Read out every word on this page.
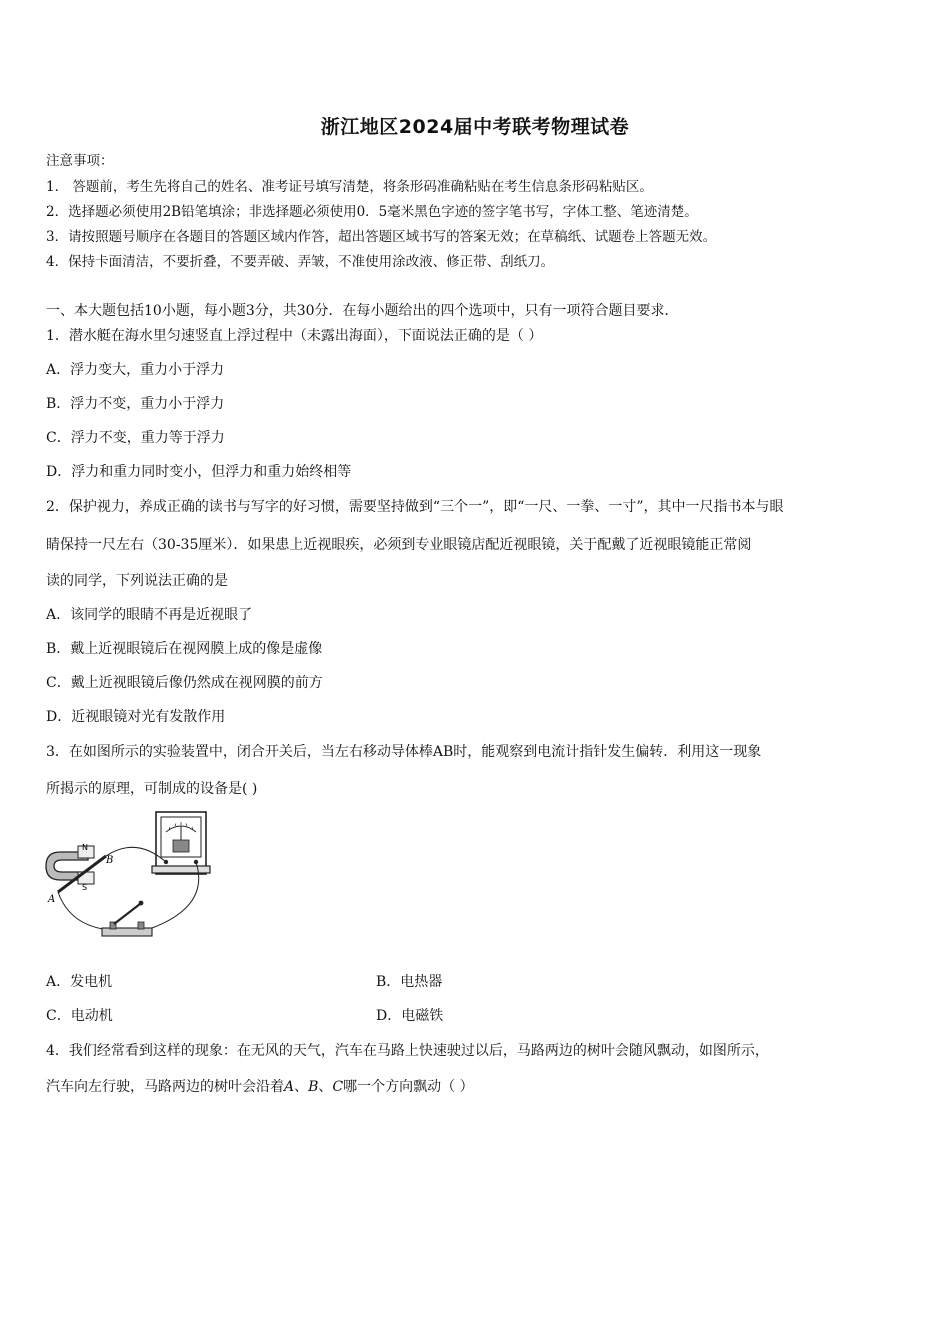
浙江地区2024届中考联考物理试卷
注意事项：
1． 答题前，考生先将自己的姓名、准考证号填写清楚，将条形码准确粘贴在考生信息条形码粘贴区。
2．选择题必须使用2B铅笔填涂；非选择题必须使用0．5毫米黑色字迹的签字笔书写，字体工整、笔迹清楚。
3．请按照题号顺序在各题目的答题区域内作答，超出答题区域书写的答案无效；在草稿纸、试题卷上答题无效。
4．保持卡面清洁，不要折叠，不要弄破、弄皱，不准使用涂改液、修正带、刮纸刀。
一、本大题包括10小题，每小题3分，共30分．在每小题给出的四个选项中，只有一项符合题目要求．
1．潜水艇在海水里匀速竖直上浮过程中（未露出海面），下面说法正确的是（ ）
A．浮力变大，重力小于浮力
B．浮力不变，重力小于浮力
C．浮力不变，重力等于浮力
D．浮力和重力同时变小，但浮力和重力始终相等
2．保护视力，养成正确的读书与写字的好习惯，需要坚持做到“三个一”，即“一尺、一拳、一寸”，其中一尺指书本与眼
睛保持一尺左右（30-35厘米）．如果患上近视眼疾，必须到专业眼镜店配近视眼镜，关于配戴了近视眼镜能正常阅
读的同学，下列说法正确的是
A．该同学的眼睛不再是近视眼了
B．戴上近视眼镜后在视网膜上成的像是虚像
C．戴上近视眼镜后像仍然成在视网膜的前方
D．近视眼镜对光有发散作用
3．在如图所示的实验装置中，闭合开关后，当左右移动导体棒AB时，能观察到电流计指针发生偏转．利用这一现象
所揭示的原理，可制成的设备是( )
N
S
A
B
A．发电机	B．电热器
C．电动机	D．电磁铁
4．我们经常看到这样的现象：在无风的天气，汽车在马路上快速驶过以后，马路两边的树叶会随风飘动，如图所示，
汽车向左行驶，马路两边的树叶会沿着A、B、C哪一个方向飘动（ ）
